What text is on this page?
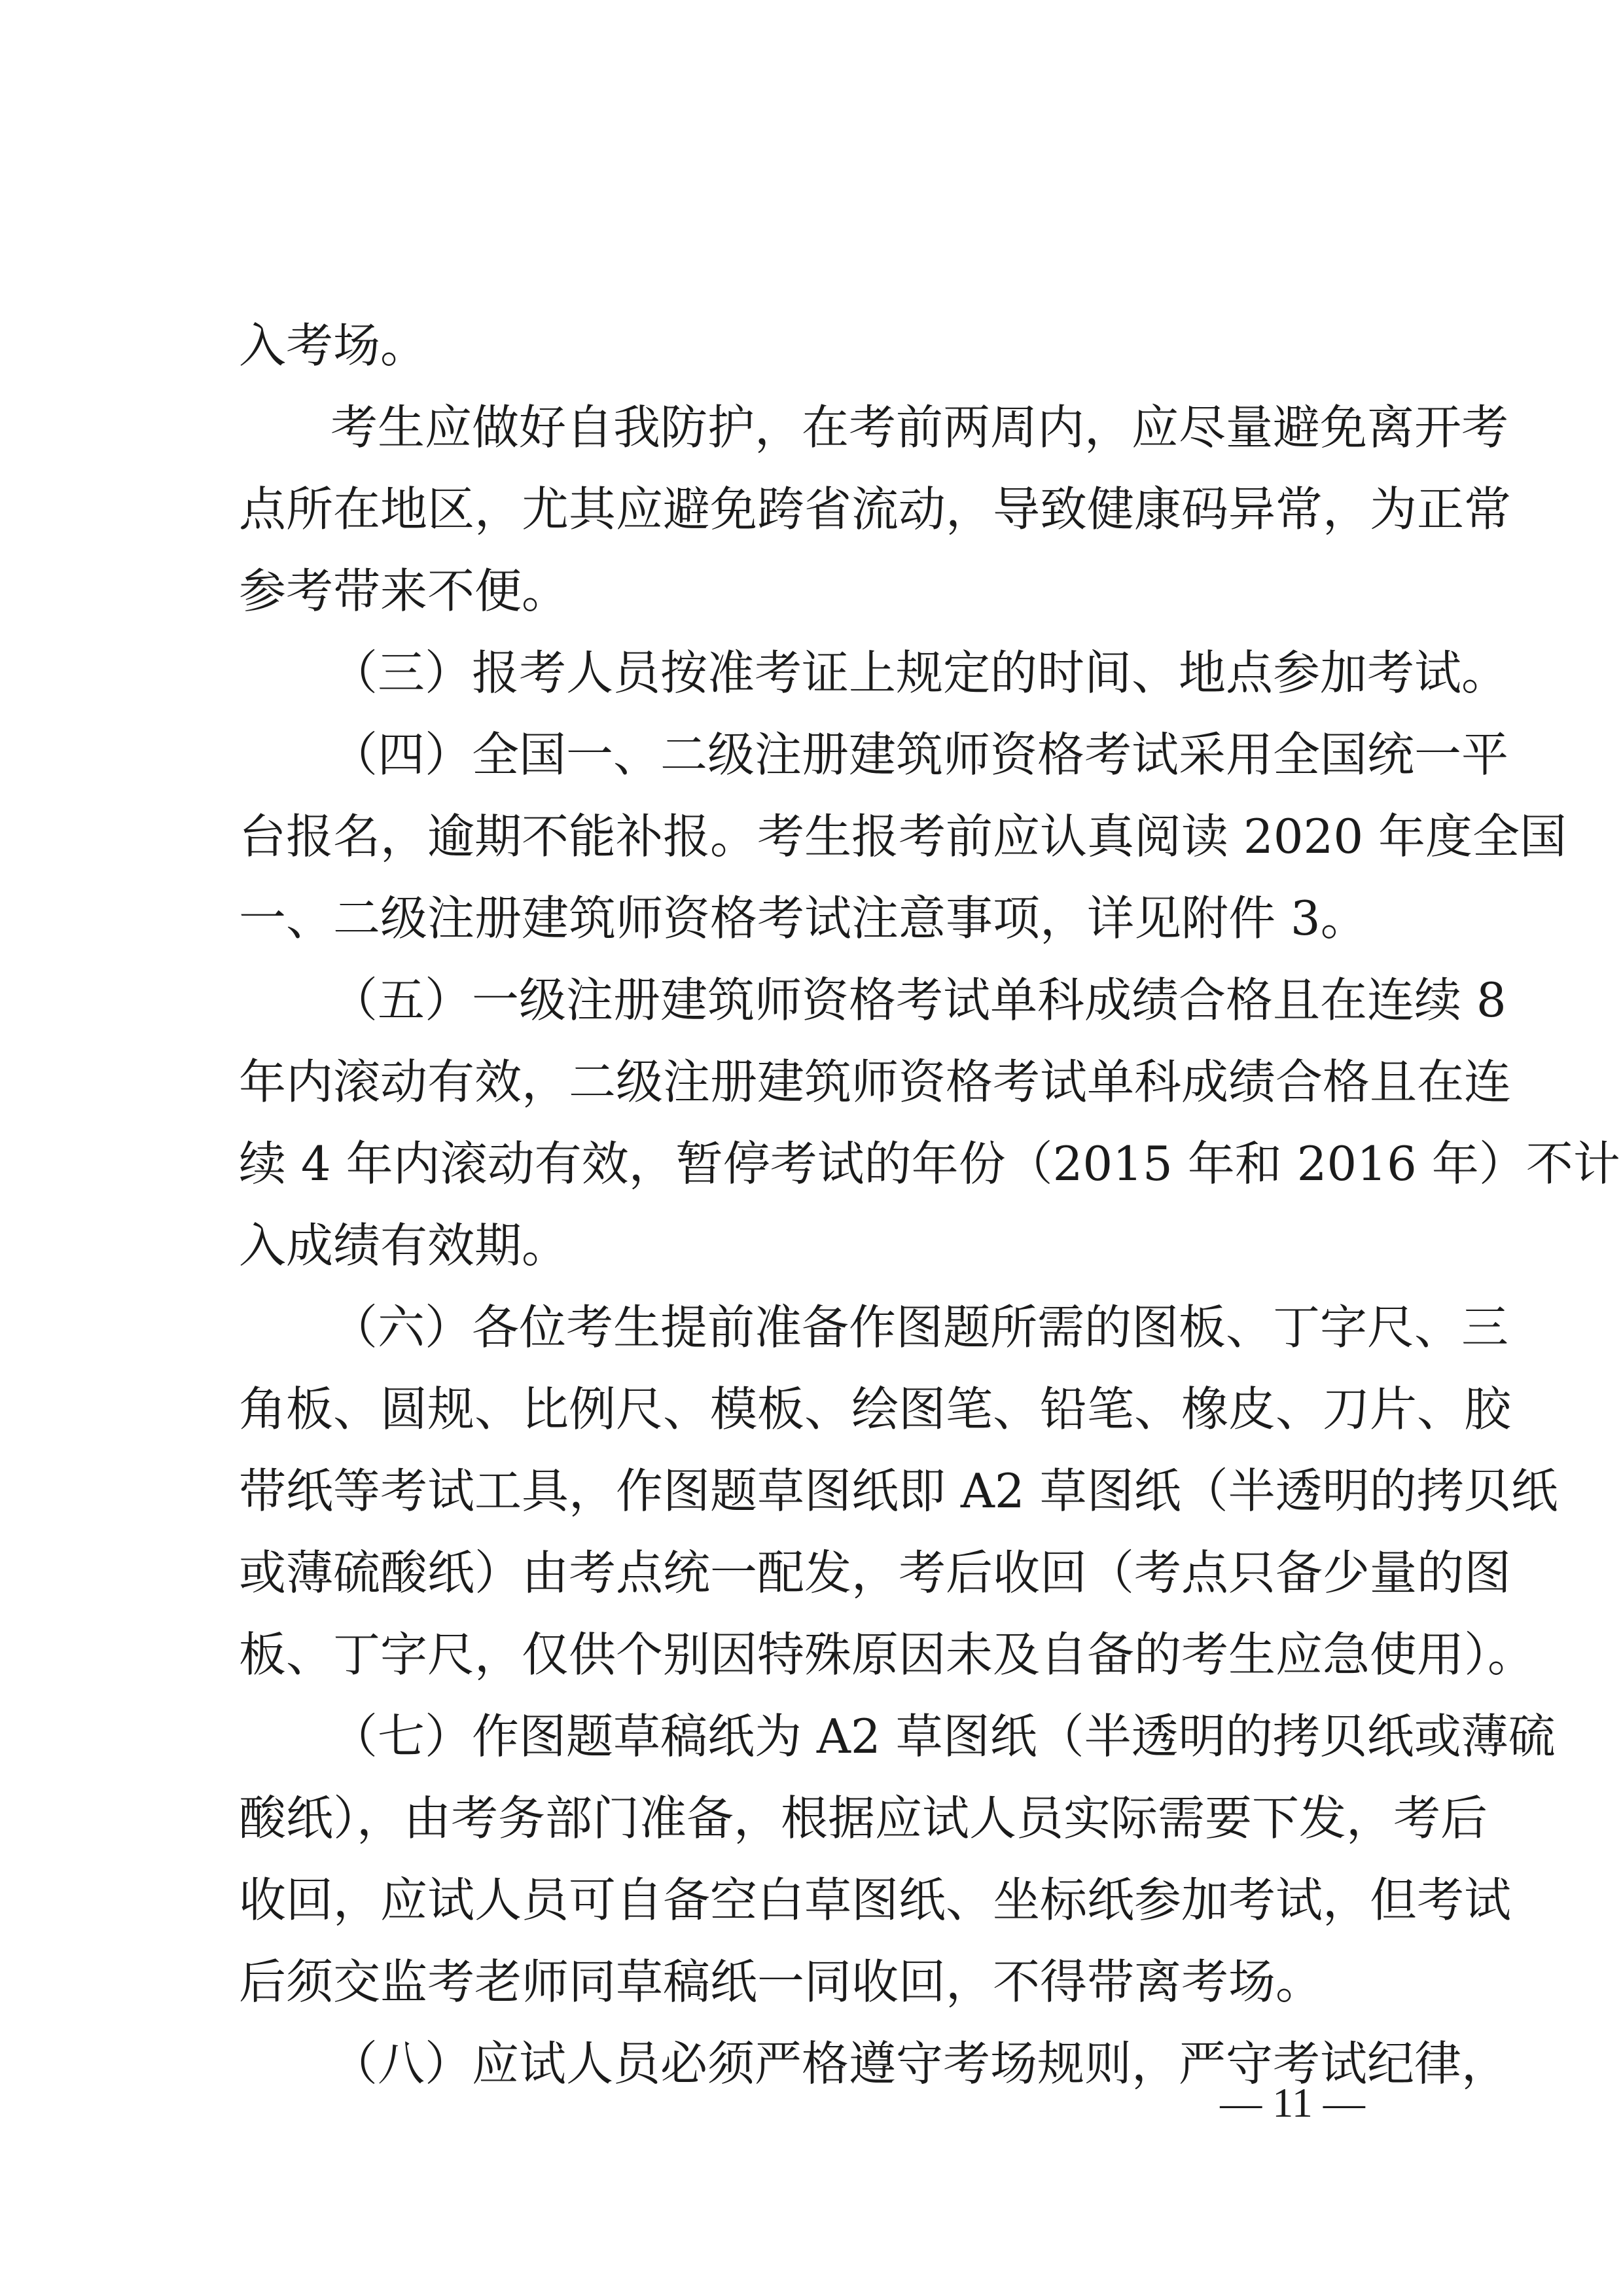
入考场。
考生应做好自我防护，在考前两周内，应尽量避免离开考
点所在地区，尤其应避免跨省流动，导致健康码异常，为正常
参考带来不便。
（三）报考人员按准考证上规定的时间、地点参加考试。
（四）全国一、二级注册建筑师资格考试采用全国统一平
台报名，逾期不能补报。考生报考前应认真阅读 2020 年度全国
一、二级注册建筑师资格考试注意事项，详见附件 3。
（五）一级注册建筑师资格考试单科成绩合格且在连续 8
年内滚动有效，二级注册建筑师资格考试单科成绩合格且在连
续 4 年内滚动有效，暂停考试的年份（2015 年和 2016 年）不计
入成绩有效期。
（六）各位考生提前准备作图题所需的图板、丁字尺、三
角板、圆规、比例尺、模板、绘图笔、铅笔、橡皮、刀片、胶
带纸等考试工具，作图题草图纸即 A2 草图纸（半透明的拷贝纸
或薄硫酸纸）由考点统一配发，考后收回（考点只备少量的图
板、丁字尺，仅供个别因特殊原因未及自备的考生应急使用）。
（七）作图题草稿纸为 A2 草图纸（半透明的拷贝纸或薄硫
酸纸），由考务部门准备，根据应试人员实际需要下发，考后
收回，应试人员可自备空白草图纸、坐标纸参加考试，但考试
后须交监考老师同草稿纸一同收回，不得带离考场。
（八）应试人员必须严格遵守考场规则，严守考试纪律，
— 11 —
